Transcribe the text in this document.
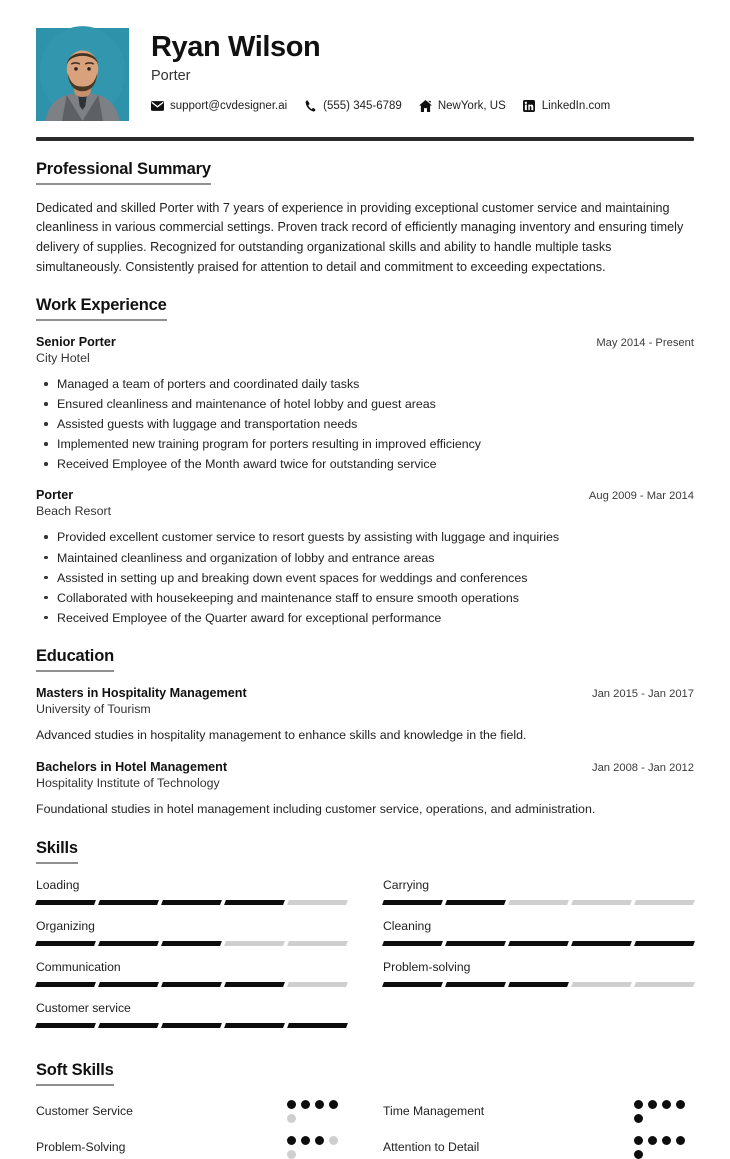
Ryan Wilson
Porter
support@cvdesigner.ai	(555) 345-6789	NewYork, US	LinkedIn.com
Professional Summary

Dedicated and skilled Porter with 7 years of experience in providing exceptional customer service and maintaining cleanliness in various commercial settings. Proven track record of efficiently managing inventory and ensuring timely delivery of supplies. Recognized for outstanding organizational skills and ability to handle multiple tasks simultaneously. Consistently praised for attention to detail and commitment to exceeding expectations.

Work Experience
Senior Porter	May 2014 - Present
City Hotel
Managed a team of porters and coordinated daily tasks
Ensured cleanliness and maintenance of hotel lobby and guest areas
Assisted guests with luggage and transportation needs
Implemented new training program for porters resulting in improved efficiency
Received Employee of the Month award twice for outstanding service
Porter	Aug 2009 - Mar 2014
Beach Resort
Provided excellent customer service to resort guests by assisting with luggage and inquiries
Maintained cleanliness and organization of lobby and entrance areas
Assisted in setting up and breaking down event spaces for weddings and conferences
Collaborated with housekeeping and maintenance staff to ensure smooth operations
Received Employee of the Quarter award for exceptional performance
Education
Masters in Hospitality Management	Jan 2015 - Jan 2017
University of Tourism
Advanced studies in hospitality management to enhance skills and knowledge in the field.
Bachelors in Hotel Management	Jan 2008 - Jan 2012
Hospitality Institute of Technology
Foundational studies in hotel management including customer service, operations, and administration.
Skills
Loading	Carrying
Organizing	Cleaning
Communication	Problem-solving
Customer service
Soft Skills
Customer Service	Time Management
Problem-Solving	Attention to Detail
